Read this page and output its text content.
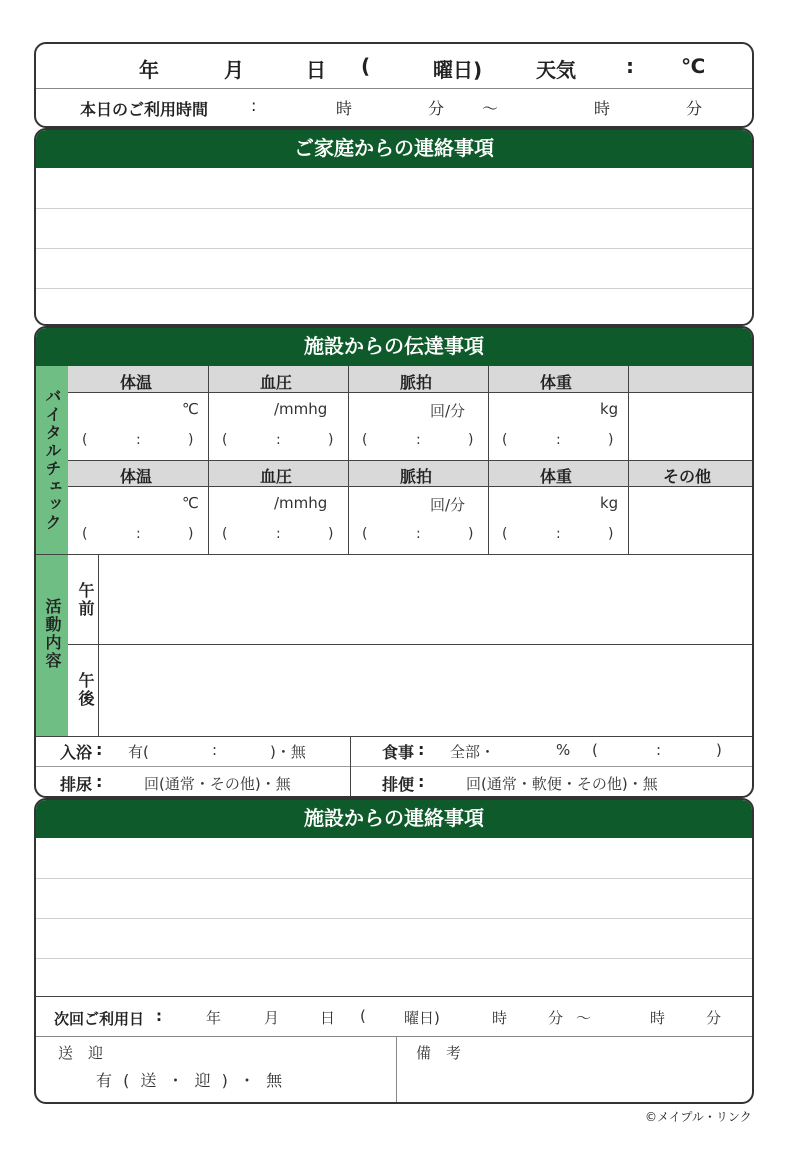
年	月	日 (	曜日)	天気	: ℃
本日のご利用時間	:	時	分 〜	時	分
ご家庭からの連絡事項
施設からの伝達事項
バイタルチェック
活動内容
体温	血圧	脈拍	体重
体温	血圧	脈拍	体重	その他
℃	/mmhg	回/分	kg
(	:	) (	:	) (	:	) (	:	)
℃	/mmhg	回/分	kg
(	:	) (	:	) (	:	) (	:	)
午前
午後
入浴 : 有(	:	)・無	食事 : 全部・	% (	:	)
排尿 :	回(通常・その他)・無	排便 :	回(通常・軟便・その他)・無
施設からの連絡事項
次回ご利用日 :	年	月	日 (	曜日)	時	分 〜	時	分
送　迎
有 ( 送 ・ 迎 ) ・ 無
備　考
©メイプル・リンク
